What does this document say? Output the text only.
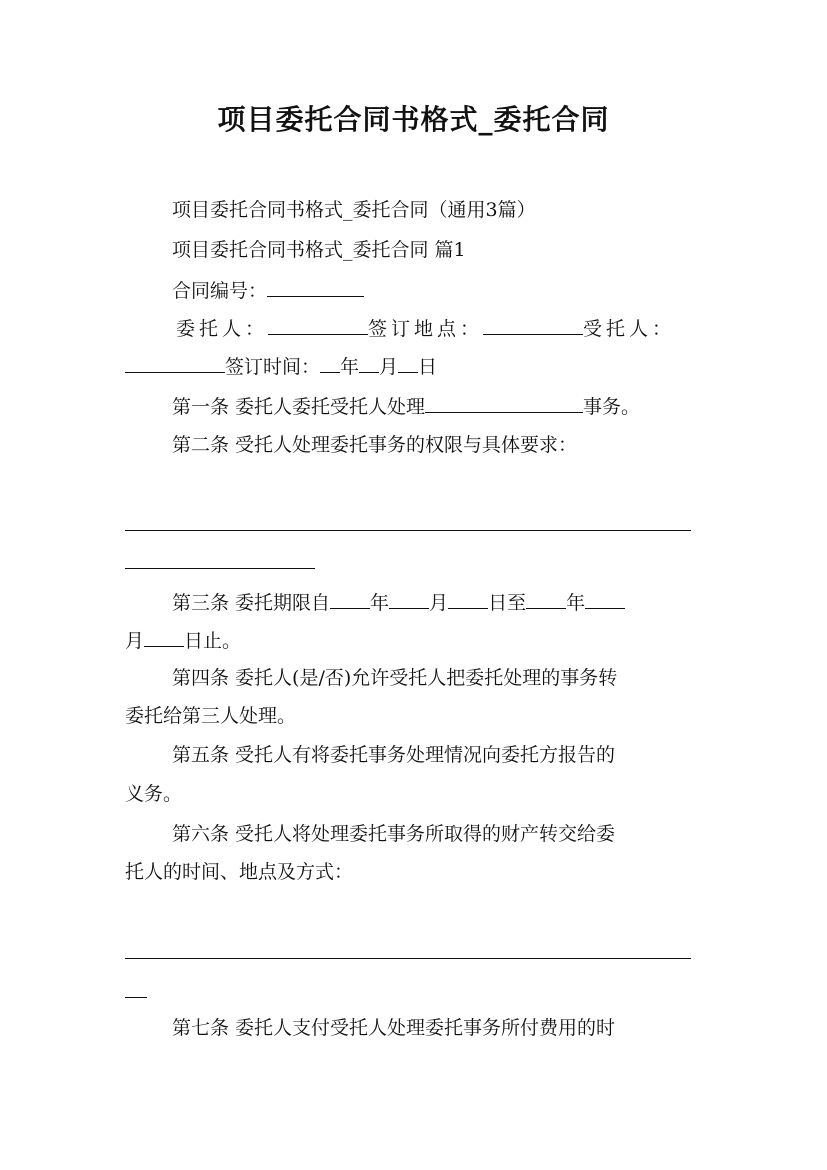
项目委托合同书格式_委托合同
项目委托合同书格式_委托合同（通用3篇）
项目委托合同书格式_委托合同 篇1
合同编号：
委托人：	签订地点：	受托人：
签订时间： 年 月 日
第一条 委托人委托受托人处理	事务。
第二条 受托人处理委托事务的权限与具体要求：
第三条 委托期限自 年 月 日至 年
月 日止。
第四条 委托人(是/否)允许受托人把委托处理的事务转
委托给第三人处理。
第五条 受托人有将委托事务处理情况向委托方报告的
义务。
第六条 受托人将处理委托事务所取得的财产转交给委
托人的时间、地点及方式：
第七条 委托人支付受托人处理委托事务所付费用的时
